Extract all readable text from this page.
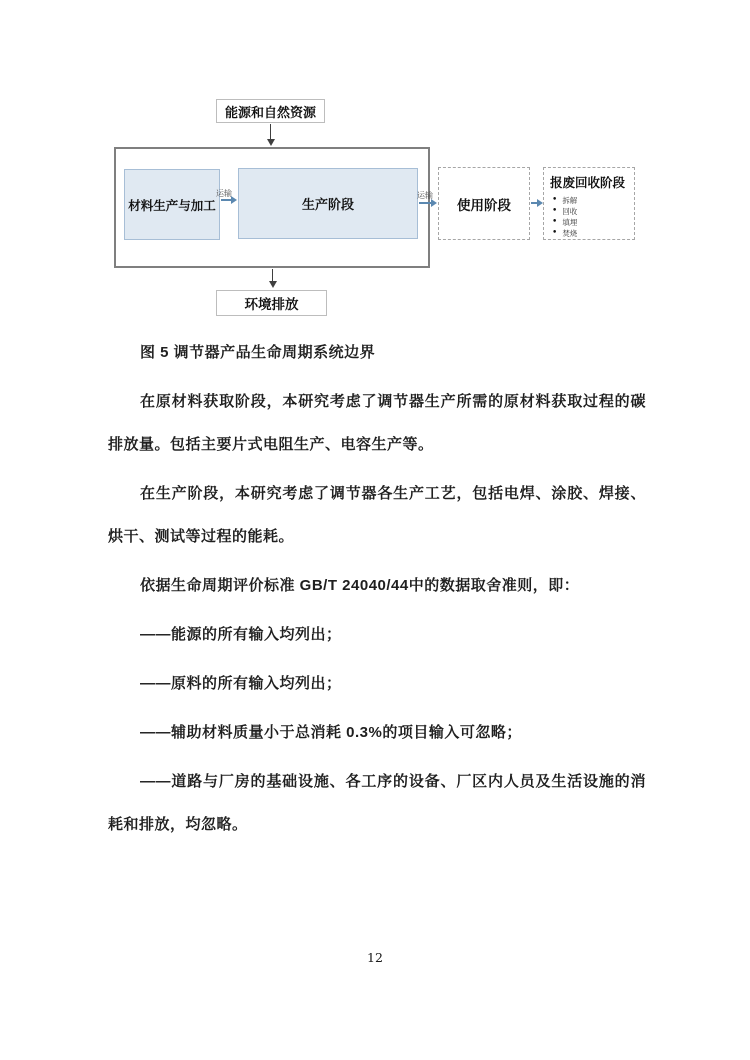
能源和自然资源
材料生产与加工
运输
生产阶段
运输
使用阶段
报废回收阶段
• 拆解
• 回收
• 填埋
• 焚烧
环境排放

图 5 调节器产品生命周期系统边界

在原材料获取阶段，本研究考虑了调节器生产所需的原材料获取过程的碳排放量。包括主要片式电阻生产、电容生产等。

在生产阶段，本研究考虑了调节器各生产工艺，包括电焊、涂胶、焊接、烘干、测试等过程的能耗。

依据生命周期评价标准 GB/T 24040/44中的数据取舍准则，即：

——能源的所有输入均列出；

——原料的所有输入均列出；

——辅助材料质量小于总消耗 0.3%的项目输入可忽略；

——道路与厂房的基础设施、各工序的设备、厂区内人员及生活设施的消耗和排放，均忽略。

12
